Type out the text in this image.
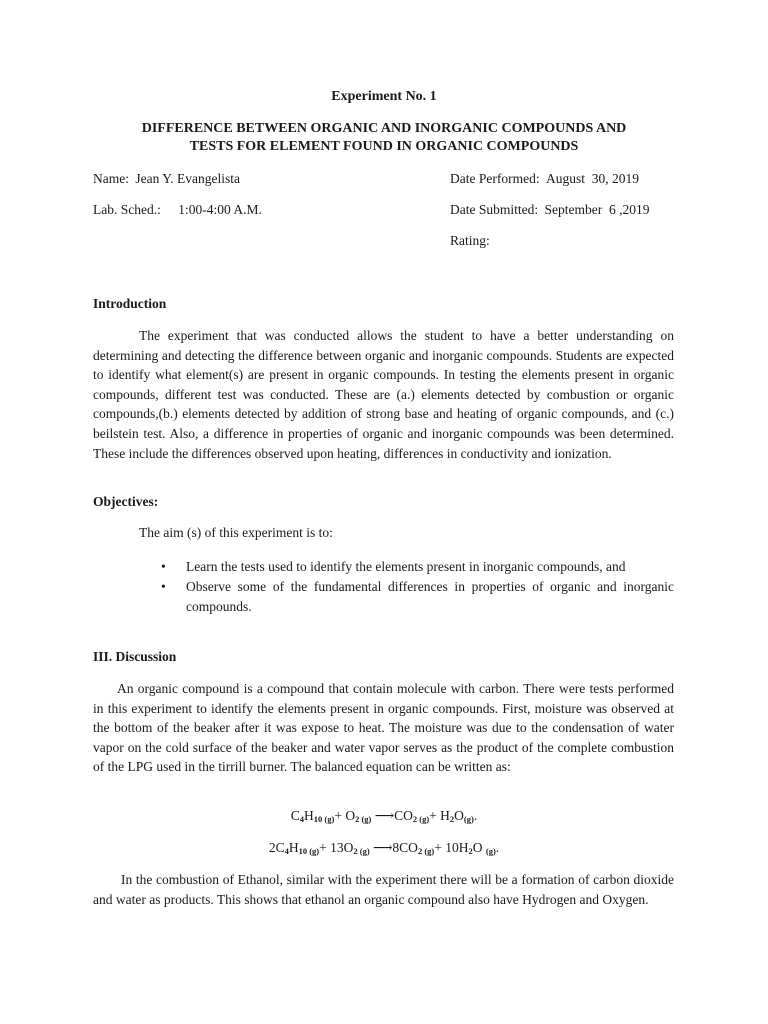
Experiment No. 1
DIFFERENCE BETWEEN ORGANIC AND INORGANIC COMPOUNDS AND
TESTS FOR ELEMENT FOUND IN ORGANIC COMPOUNDS
Name: Jean Y. Evangelista
Lab. Sched.: 1:00-4:00 A.M.
Date Performed: August  30, 2019
Date Submitted: September  6 ,2019
Rating:
Introduction
The experiment that was conducted allows the student to have a better understanding on determining and detecting the difference between organic and inorganic compounds. Students are expected to identify what element(s) are present in organic compounds. In testing the elements present in organic compounds, different test was conducted. These are (a.) elements detected by combustion or organic compounds,(b.) elements detected by addition of strong base and heating of organic compounds, and (c.) beilstein test. Also, a difference in properties of organic and inorganic compounds was been determined. These include the differences observed upon heating, differences in conductivity and ionization.
Objectives:
The aim (s) of this experiment is to:
• Learn the tests used to identify the elements present in inorganic compounds, and
• Observe some of the fundamental differences in properties of organic and inorganic compounds.
III. Discussion
An organic compound is a compound that contain molecule with carbon. There were tests performed in this experiment to identify the elements present in organic compounds. First, moisture was observed at the bottom of the beaker after it was expose to heat. The moisture was due to the condensation of water vapor on the cold surface of the beaker and water vapor serves as the product of the complete combustion of the LPG used in the tirrill burner. The balanced equation can be written as:
$C_4H_{10 (g)}+ O_{2 (g)}$ $⟶CO_{2 (g)}+ H_2O_{(g)}$.
$2C_4H_{10 (g)}+ 13O_{2 (g)}$ $⟶8CO_{2 (g)}+ 10H_2O$ $_{(g)}$.
In the combustion of Ethanol, similar with the experiment there will be a formation of carbon dioxide and water as products. This shows that ethanol an organic compound also have Hydrogen and Oxygen.
